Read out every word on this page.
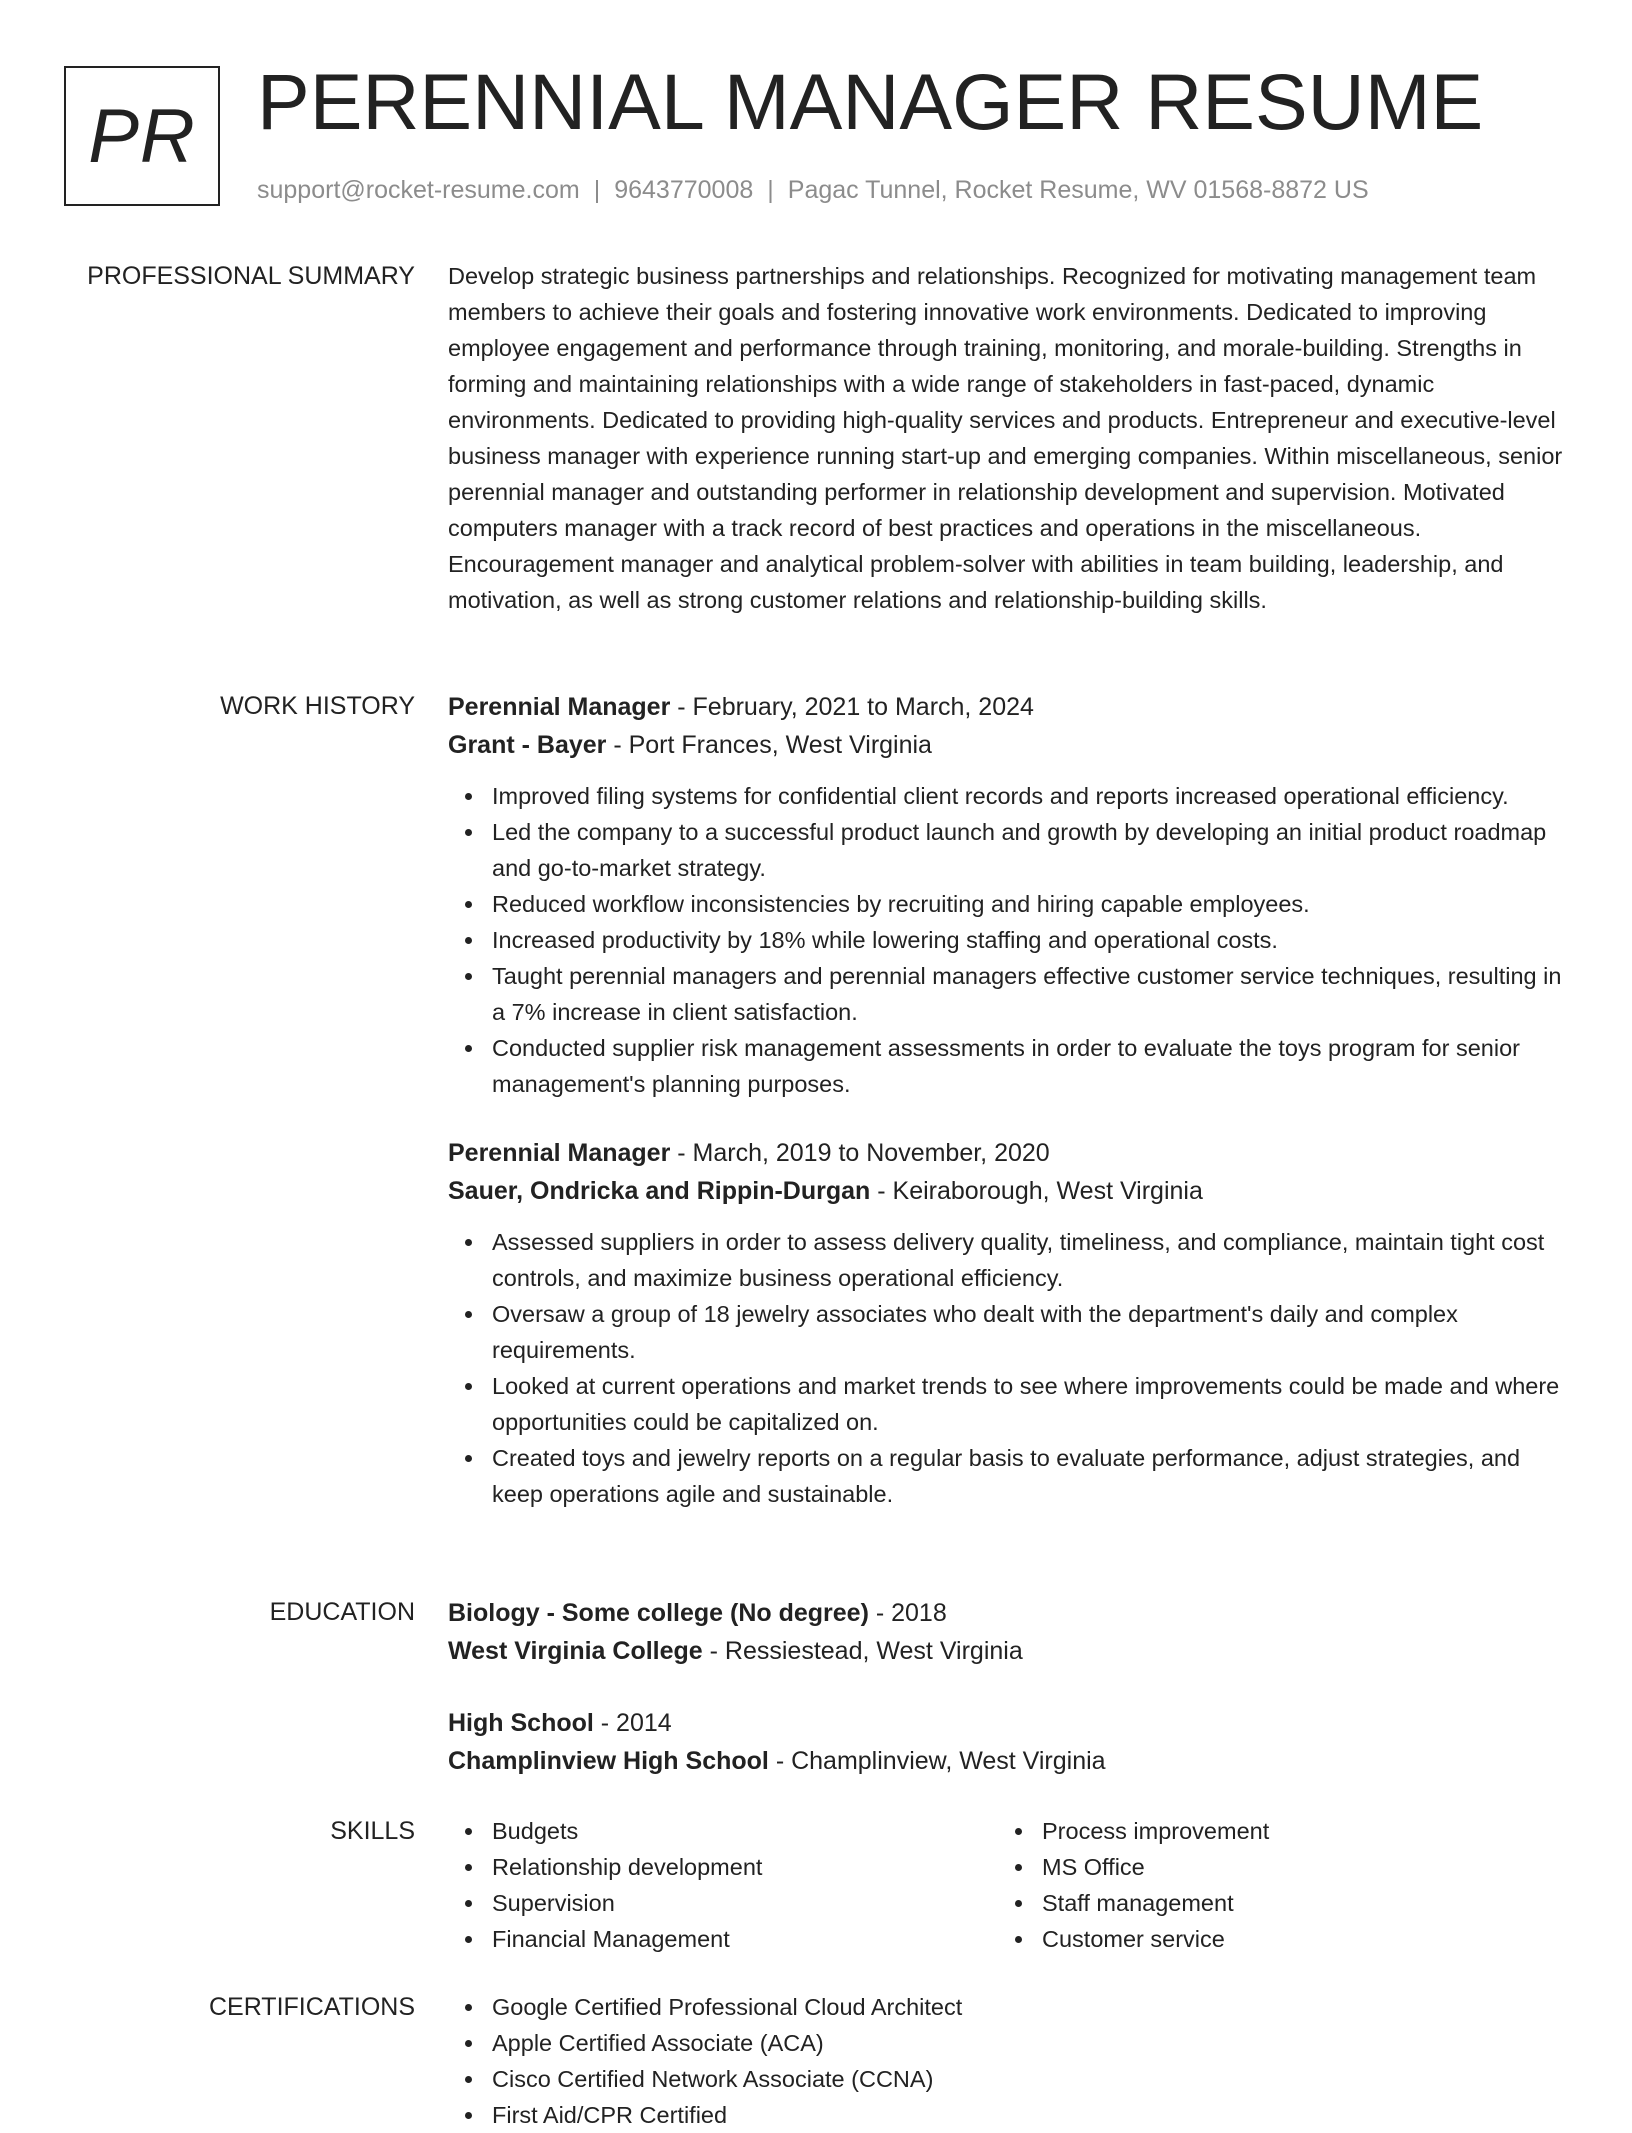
PR PERENNIAL MANAGER RESUME
support@rocket-resume.com | 9643770008 | Pagac Tunnel, Rocket Resume, WV 01568-8872 US
PROFESSIONAL SUMMARY Develop strategic business partnerships and relationships. Recognized for motivating management team members to achieve their goals and fostering innovative work environments. Dedicated to improving employee engagement and performance through training, monitoring, and morale-building. Strengths in forming and maintaining relationships with a wide range of stakeholders in fast-paced, dynamic environments. Dedicated to providing high-quality services and products. Entrepreneur and executive-level business manager with experience running start-up and emerging companies. Within miscellaneous, senior perennial manager and outstanding performer in relationship development and supervision. Motivated computers manager with a track record of best practices and operations in the miscellaneous. Encouragement manager and analytical problem-solver with abilities in team building, leadership, and motivation, as well as strong customer relations and relationship-building skills.

WORK HISTORY Perennial Manager - February, 2021 to March, 2024
Grant - Bayer - Port Frances, West Virginia
Improved filing systems for confidential client records and reports increased operational efficiency.
Led the company to a successful product launch and growth by developing an initial product roadmap and go-to-market strategy.
Reduced workflow inconsistencies by recruiting and hiring capable employees.
Increased productivity by 18% while lowering staffing and operational costs.
Taught perennial managers and perennial managers effective customer service techniques, resulting in a 7% increase in client satisfaction.
Conducted supplier risk management assessments in order to evaluate the toys program for senior management's planning purposes.
Perennial Manager - March, 2019 to November, 2020
Sauer, Ondricka and Rippin-Durgan - Keiraborough, West Virginia
Assessed suppliers in order to assess delivery quality, timeliness, and compliance, maintain tight cost controls, and maximize business operational efficiency.
Oversaw a group of 18 jewelry associates who dealt with the department's daily and complex requirements.
Looked at current operations and market trends to see where improvements could be made and where opportunities could be capitalized on.
Created toys and jewelry reports on a regular basis to evaluate performance, adjust strategies, and keep operations agile and sustainable.
EDUCATION Biology - Some college (No degree) - 2018
West Virginia College - Ressiestead, West Virginia
High School - 2014
Champlinview High School - Champlinview, West Virginia
SKILLS	Budgets
Relationship development
Supervision
Financial Management
Process improvement
MS Office
Staff management
Customer service
CERTIFICATIONS	Google Certified Professional Cloud Architect
Apple Certified Associate (ACA)
Cisco Certified Network Associate (CCNA)
First Aid/CPR Certified
